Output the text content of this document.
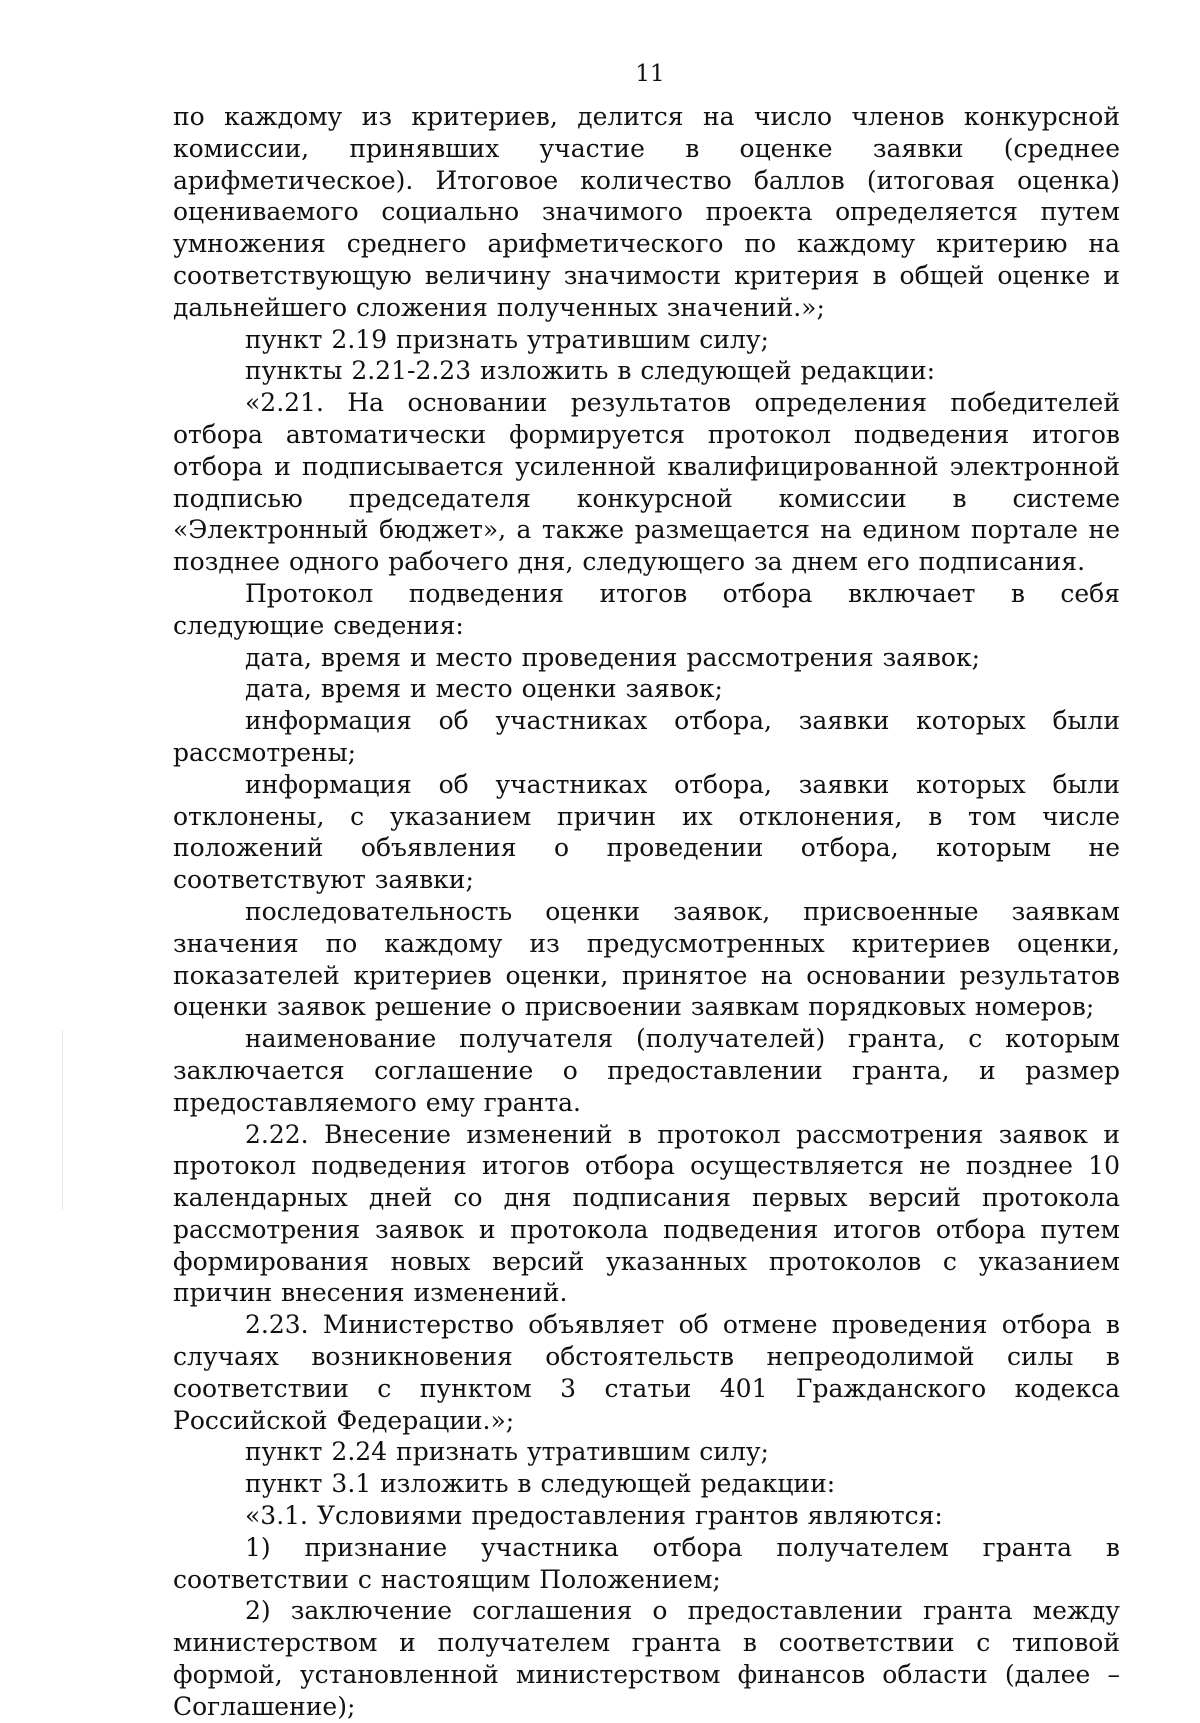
11

по каждому из критериев, делится на число членов конкурсной комиссии, принявших участие в оценке заявки (среднее арифметическое). Итоговое количество баллов (итоговая оценка) оцениваемого социально значимого проекта определяется путем умножения среднего арифметического по каждому критерию на соответствующую величину значимости критерия в общей оценке и дальнейшего сложения полученных значений.»;

пункт 2.19 признать утратившим силу;

пункты 2.21-2.23 изложить в следующей редакции:

«2.21. На основании результатов определения победителей отбора автоматически формируется протокол подведения итогов отбора и подписывается усиленной квалифицированной электронной подписью председателя конкурсной комиссии в системе «Электронный бюджет», а также размещается на едином портале не позднее одного рабочего дня, следующего за днем его подписания.

Протокол подведения итогов отбора включает в себя следующие сведения:

дата, время и место проведения рассмотрения заявок;

дата, время и место оценки заявок;

информация об участниках отбора, заявки которых были рассмотрены;

информация об участниках отбора, заявки которых были отклонены, с указанием причин их отклонения, в том числе положений объявления о проведении отбора, которым не соответствуют заявки;

последовательность оценки заявок, присвоенные заявкам значения по каждому из предусмотренных критериев оценки, показателей критериев оценки, принятое на основании результатов оценки заявок решение о присвоении заявкам порядковых номеров;

наименование получателя (получателей) гранта, с которым заключается соглашение о предоставлении гранта, и размер предоставляемого ему гранта.

2.22. Внесение изменений в протокол рассмотрения заявок и протокол подведения итогов отбора осуществляется не позднее 10 календарных дней со дня подписания первых версий протокола рассмотрения заявок и протокола подведения итогов отбора путем формирования новых версий указанных протоколов с указанием причин внесения изменений.

2.23. Министерство объявляет об отмене проведения отбора в случаях возникновения обстоятельств непреодолимой силы в соответствии с пунктом 3 статьи 401 Гражданского кодекса Российской Федерации.»;

пункт 2.24 признать утратившим силу;

пункт 3.1 изложить в следующей редакции:

«3.1. Условиями предоставления грантов являются:

1) признание участника отбора получателем гранта в соответствии с настоящим Положением;

2) заключение соглашения о предоставлении гранта между министерством и получателем гранта в соответствии с типовой формой, установленной министерством финансов области (далее – Соглашение);
